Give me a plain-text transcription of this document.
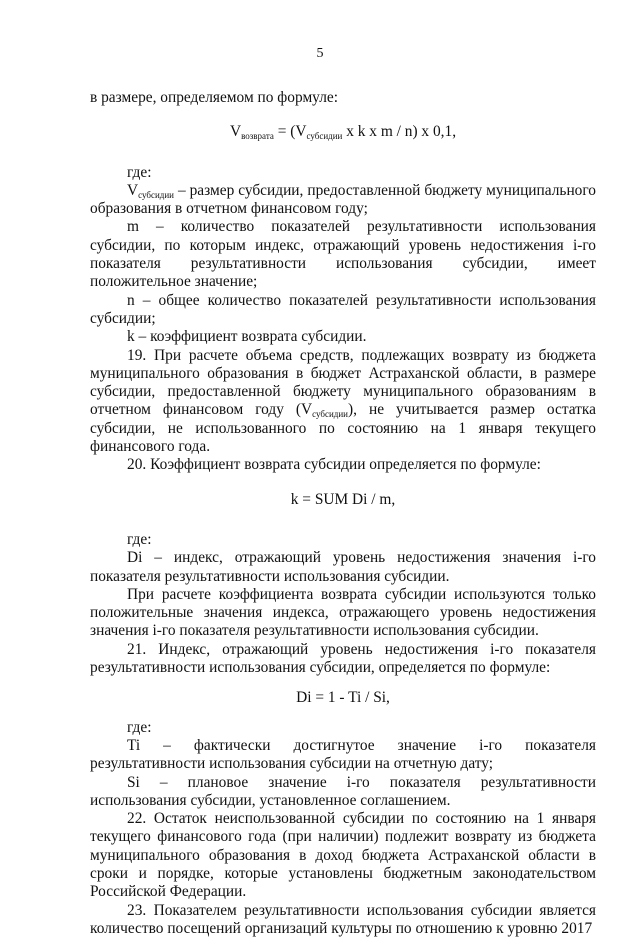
5

в размере, определяемом по формуле:

$V_{возврата} = (V_{субсидии}$ x k x m / n) x 0,1,

где:

$V_{субсидии}$ – размер субсидии, предоставленной бюджету муниципального образования в отчетном финансовом году;

m – количество показателей результативности использования субсидии, по которым индекс, отражающий уровень недостижения i-го показателя результативности использования субсидии, имеет положительное значение;

n – общее количество показателей результативности использования субсидии;

k – коэффициент возврата субсидии.

19. При расчете объема средств, подлежащих возврату из бюджета муниципального образования в бюджет Астраханской области, в размере субсидии, предоставленной бюджету муниципального образованиям в отчетном финансовом году $(V_{субсидии})$, не учитывается размер остатка субсидии, не использованного по состоянию на 1 января текущего финансового года.

20. Коэффициент возврата субсидии определяется по формуле:

k = SUM Di / m,

где:

Di – индекс, отражающий уровень недостижения значения i-го показателя результативности использования субсидии.

При расчете коэффициента возврата субсидии используются только положительные значения индекса, отражающего уровень недостижения значения i-го показателя результативности использования субсидии.

21. Индекс, отражающий уровень недостижения i-го показателя результативности использования субсидии, определяется по формуле:

Di = 1 - Ti / Si,

где:

Ti – фактически достигнутое значение i-го показателя результативности использования субсидии на отчетную дату;

Si – плановое значение i-го показателя результативности использования субсидии, установленное соглашением.

22. Остаток неиспользованной субсидии по состоянию на 1 января текущего финансового года (при наличии) подлежит возврату из бюджета муниципального образования в доход бюджета Астраханской области в сроки и порядке, которые установлены бюджетным законодательством Российской Федерации.

23. Показателем результативности использования субсидии является количество посещений организаций культуры по отношению к уровню 2017
